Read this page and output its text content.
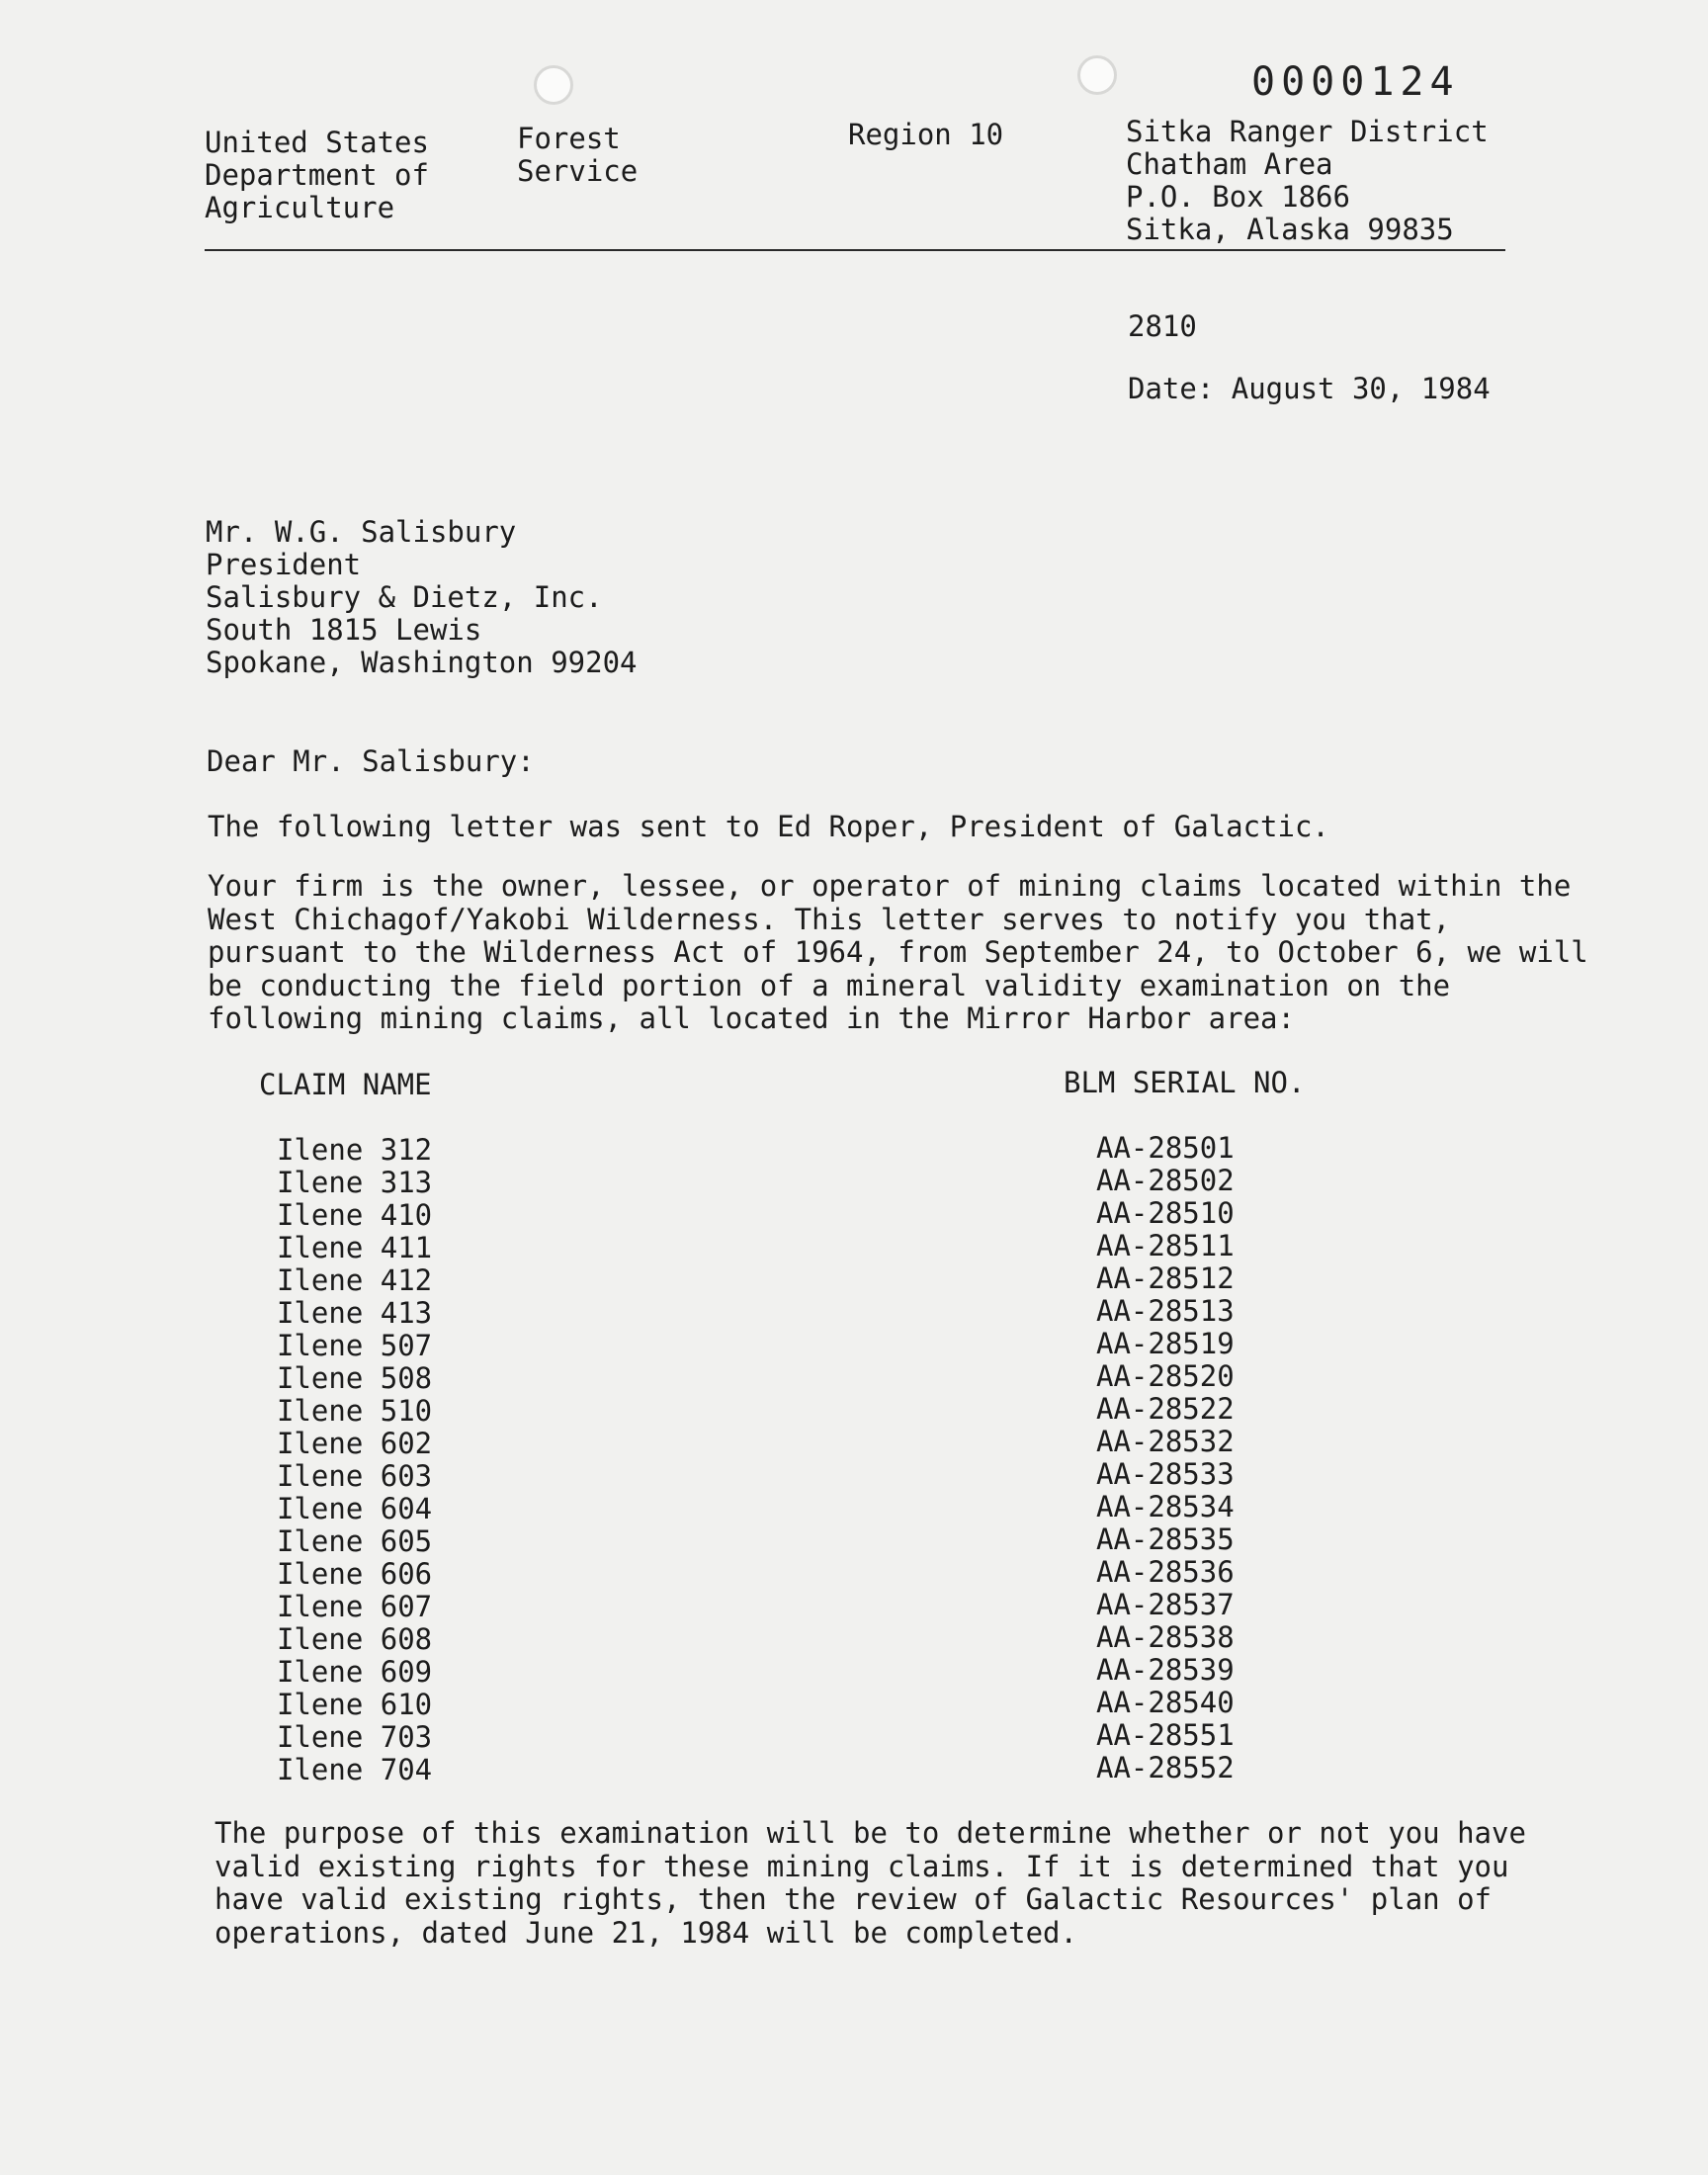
0000124
United States
Department of
Agriculture
Forest
Service
Region 10	Sitka Ranger District
Chatham Area
P.O. Box 1866
Sitka, Alaska 99835
2810
Date: August 30, 1984
Mr. W.G. Salisbury
President
Salisbury & Dietz, Inc.
South 1815 Lewis
Spokane, Washington 99204
Dear Mr. Salisbury:
The following letter was sent to Ed Roper, President of Galactic.
Your firm is the owner, lessee, or operator of mining claims located within the
West Chichagof/Yakobi Wilderness. This letter serves to notify you that,
pursuant to the Wilderness Act of 1964, from September 24, to October 6, we will
be conducting the field portion of a mineral validity examination on the
following mining claims, all located in the Mirror Harbor area:
CLAIM NAME	BLM SERIAL NO.
Ilene 312
Ilene 313
Ilene 410
Ilene 411
Ilene 412
Ilene 413
Ilene 507
Ilene 508
Ilene 510
Ilene 602
Ilene 603
Ilene 604
Ilene 605
Ilene 606
Ilene 607
Ilene 608
Ilene 609
Ilene 610
Ilene 703
Ilene 704
AA-28501
AA-28502
AA-28510
AA-28511
AA-28512
AA-28513
AA-28519
AA-28520
AA-28522
AA-28532
AA-28533
AA-28534
AA-28535
AA-28536
AA-28537
AA-28538
AA-28539
AA-28540
AA-28551
AA-28552
The purpose of this examination will be to determine whether or not you have
valid existing rights for these mining claims. If it is determined that you
have valid existing rights, then the review of Galactic Resources' plan of
operations, dated June 21, 1984 will be completed.
